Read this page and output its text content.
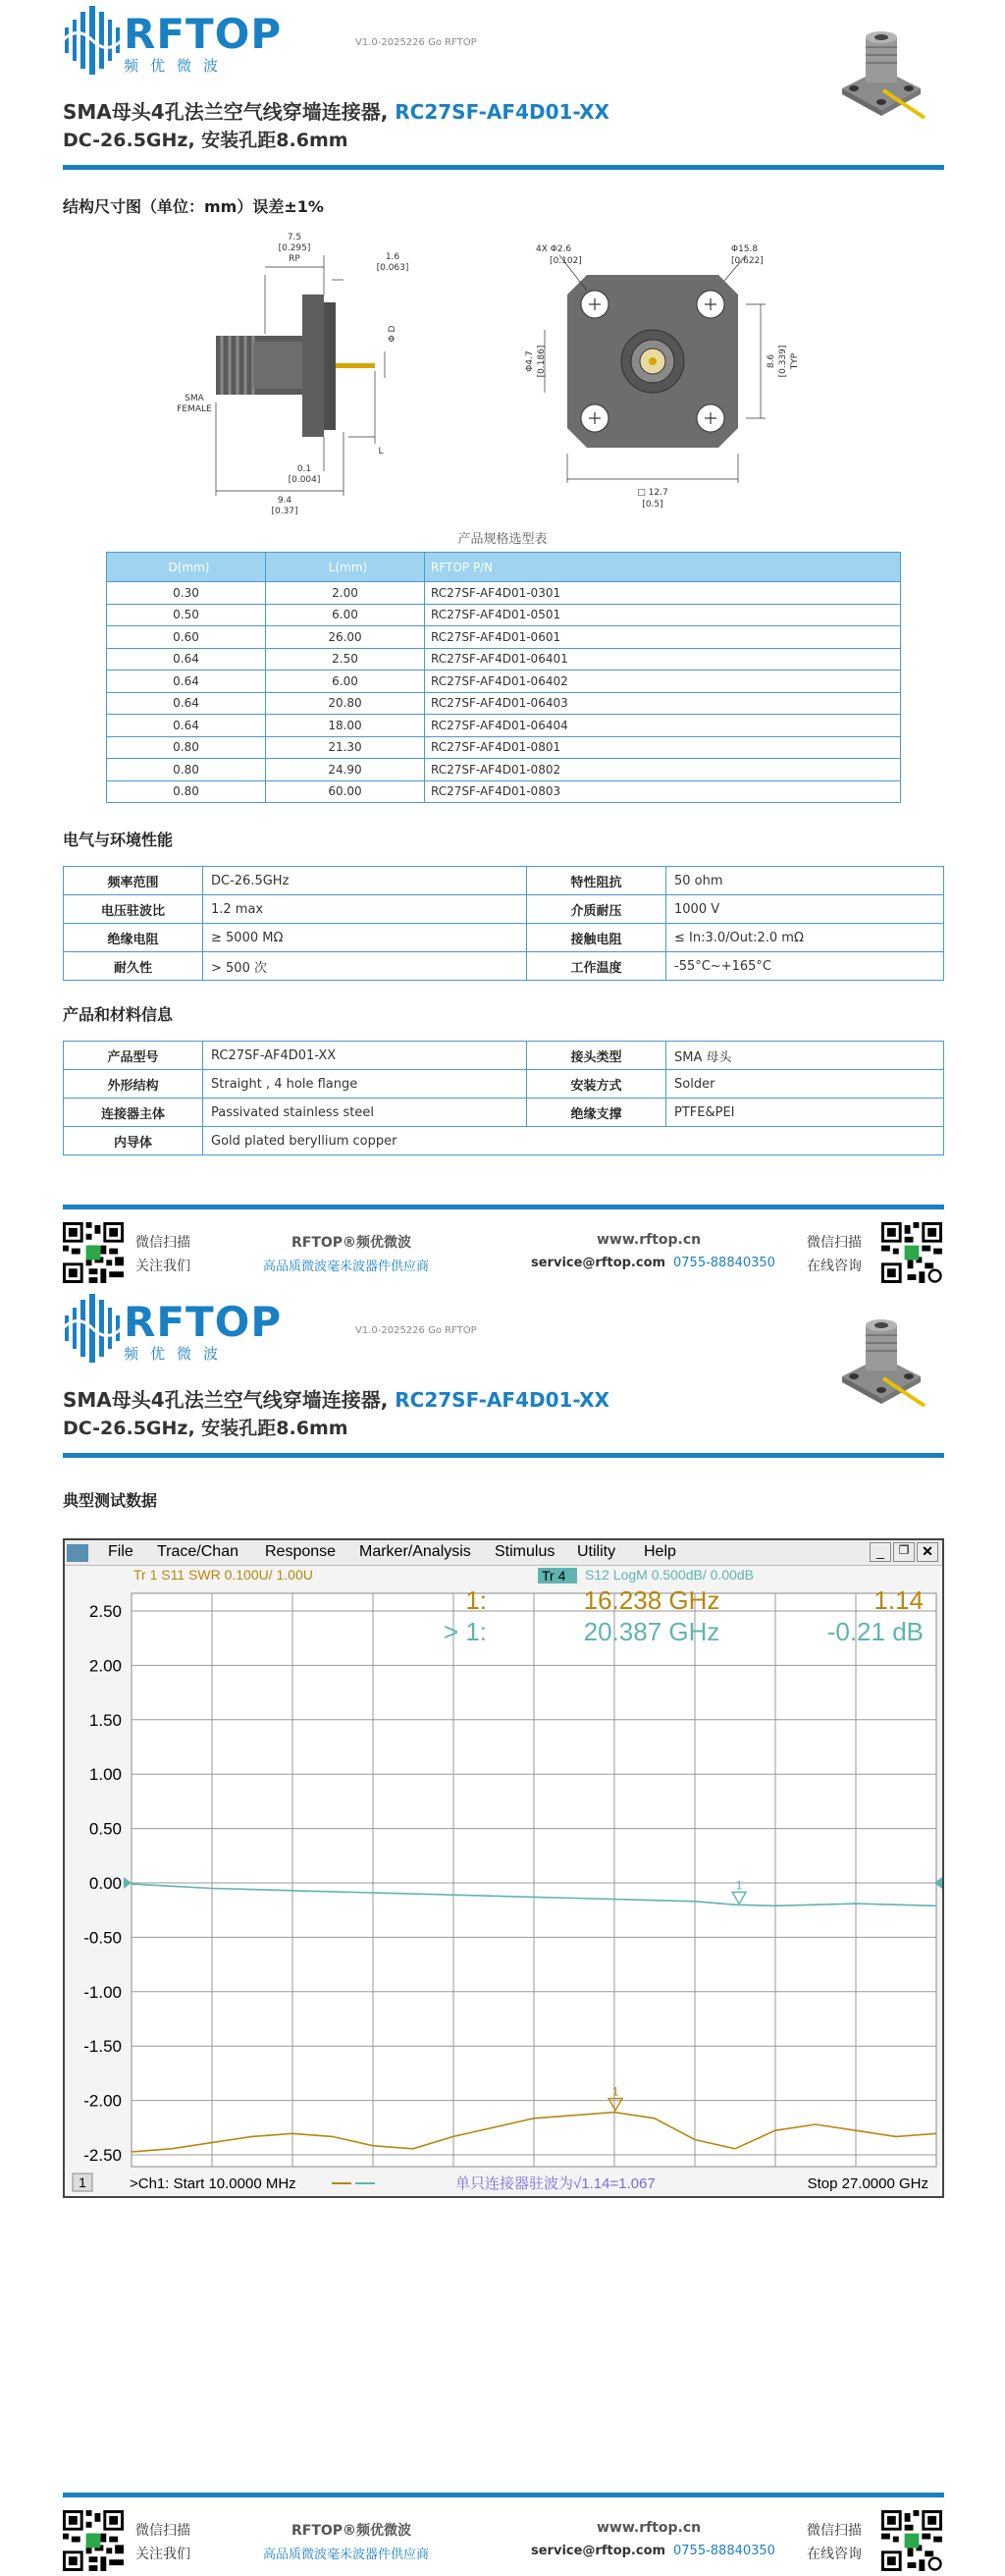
RFTOP
频优微波
V1.0-2025226 Go RFTOP
SMA母头4孔法兰空气线穿墙连接器, RC27SF-AF4D01-XX
DC-26.5GHz, 安装孔距8.6mm
结构尺寸图（单位：mm）误差±1%
7.5
[0.295]
RP	1.6
[0.063]
0.1
[0.004]
9.4
[0.37]
Φ D
L
SMA
FEMALE
4X Φ2.6
[0.102]
Φ15.8
[0.622]
Φ4.7 [0.186]	8.6 [0.339] TYP
□ 12.7
[0.5]
产品规格选型表
D(mm)	L(mm)	RFTOP P/N
0.30	2.00	RC27SF-AF4D01-0301
0.50	6.00	RC27SF-AF4D01-0501
0.60	26.00	RC27SF-AF4D01-0601
0.64	2.50	RC27SF-AF4D01-06401
0.64	6.00	RC27SF-AF4D01-06402
0.64	20.80	RC27SF-AF4D01-06403
0.64	18.00	RC27SF-AF4D01-06404
0.80	21.30	RC27SF-AF4D01-0801
0.80	24.90	RC27SF-AF4D01-0802
0.80	60.00	RC27SF-AF4D01-0803
电气与环境性能
频率范围	DC-26.5GHz	特性阻抗	50 ohm
电压驻波比	1.2 max	介质耐压	1000 V
绝缘电阻	≥ 5000 MΩ	接触电阻	≤ In:3.0/Out:2.0 mΩ
耐久性	> 500 次	工作温度	-55°C~+165°C
产品和材料信息
产品型号	RC27SF-AF4D01-XX	接头类型	SMA 母头
外形结构	Straight , 4 hole flange	安装方式	Solder
连接器主体	Passivated stainless steel	绝缘支撑	PTFE&PEI
内导体	Gold plated beryllium copper		
微信扫描
关注我们
RFTOP®频优微波
高品质微波毫米波器件供应商
www.rftop.cn
service@rftop.com 0755-88840350
微信扫描
在线咨询
RFTOP
频优微波
V1.0-2025226 Go RFTOP
SMA母头4孔法兰空气线穿墙连接器, RC27SF-AF4D01-XX
DC-26.5GHz, 安装孔距8.6mm
典型测试数据
File Trace/Chan Response Marker/Analysis Stimulus Utility Help	_	❐ ✕
Tr 1 S11 SWR 0.100U/ 1.00U	Tr 4 S12 LogM 0.500dB/ 0.00dB
2.50
2.00
1.50
1.00
0.50
0.00
-0.50
-1.00
-1.50
-2.00
-2.50
1:	16.238 GHz	1.14
> 1:	20.387 GHz	-0.21 dB
1
1
1	>Ch1: Start 10.0000 MHz	单只连接器驻波为√1.14=1.067	Stop 27.0000 GHz
微信扫描
关注我们
RFTOP®频优微波
高品质微波毫米波器件供应商
www.rftop.cn
service@rftop.com 0755-88840350
微信扫描
在线咨询
